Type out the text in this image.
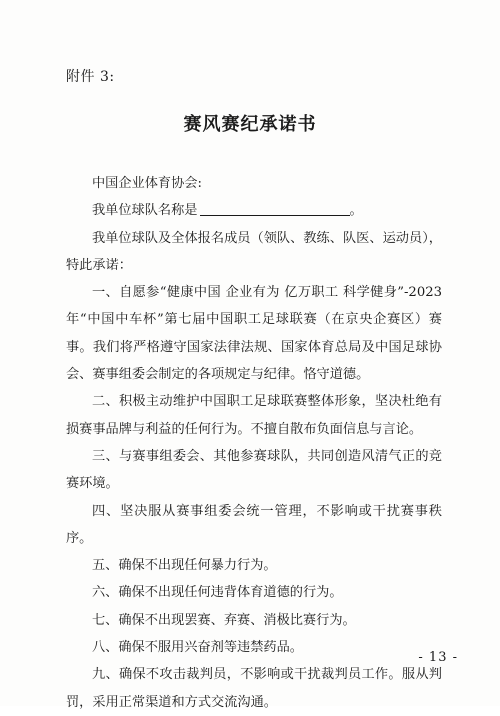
附件 3:
赛风赛纪承诺书

中国企业体育协会:

我单位球队名称是	。

我单位球队及全体报名成员（领队、教练、队医、运动员），特此承诺：

一、自愿参“健康中国 企业有为 亿万职工 科学健身”-2023年“中国中车杯”第七届中国职工足球联赛（在京央企赛区）赛事。我们将严格遵守国家法律法规、国家体育总局及中国足球协会、赛事组委会制定的各项规定与纪律。恪守道德。

二、积极主动维护中国职工足球联赛整体形象，坚决杜绝有损赛事品牌与利益的任何行为。不擅自散布负面信息与言论。

三、与赛事组委会、其他参赛球队，共同创造风清气正的竞赛环境。

四、坚决服从赛事组委会统一管理，不影响或干扰赛事秩序。

五、确保不出现任何暴力行为。

六、确保不出现任何违背体育道德的行为。

七、确保不出现罢赛、弃赛、消极比赛行为。

八、确保不服用兴奋剂等违禁药品。

九、确保不攻击裁判员，不影响或干扰裁判员工作。服从判罚，采用正常渠道和方式交流沟通。

- 13 -
